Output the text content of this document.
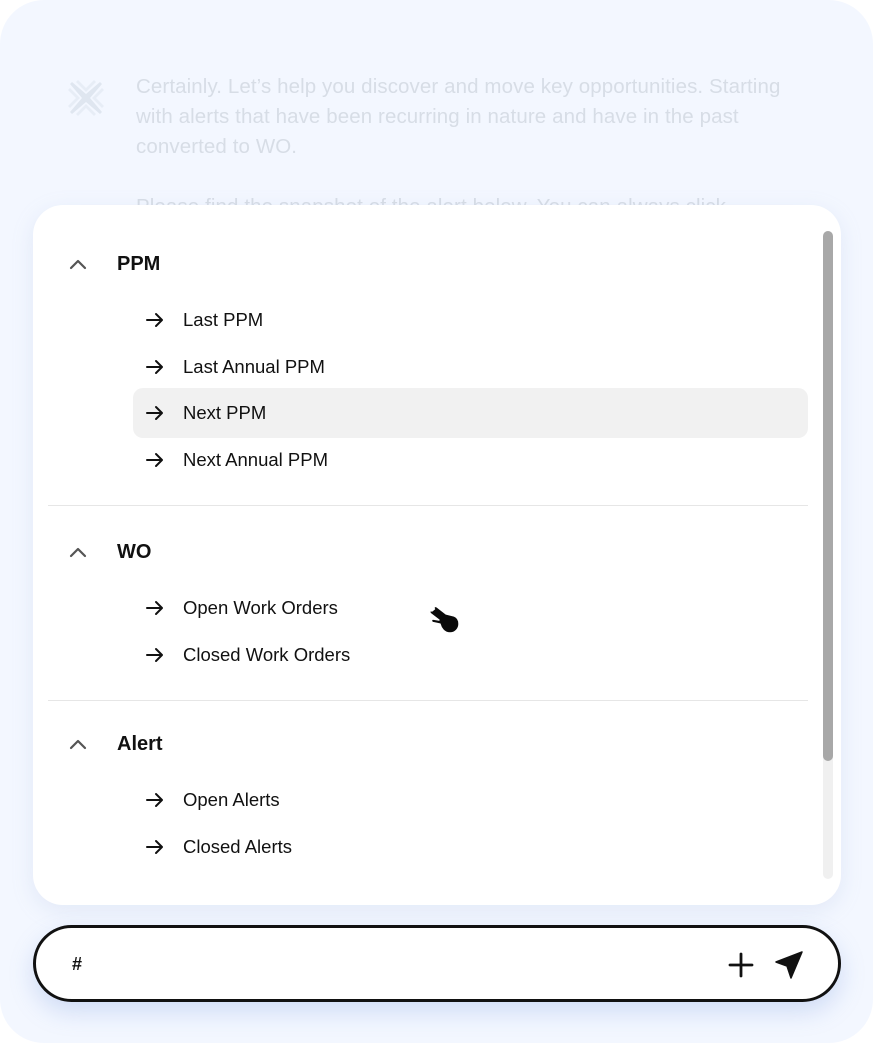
Certainly. Let’s help you discover and move key opportunities. Starting with alerts that have been recurring in nature and have in the past converted to WO.

PPM
Last PPM
Last Annual PPM
Next PPM
Next Annual PPM
WO
Open Work Orders
Closed Work Orders
Alert
Open Alerts
Closed Alerts
#
